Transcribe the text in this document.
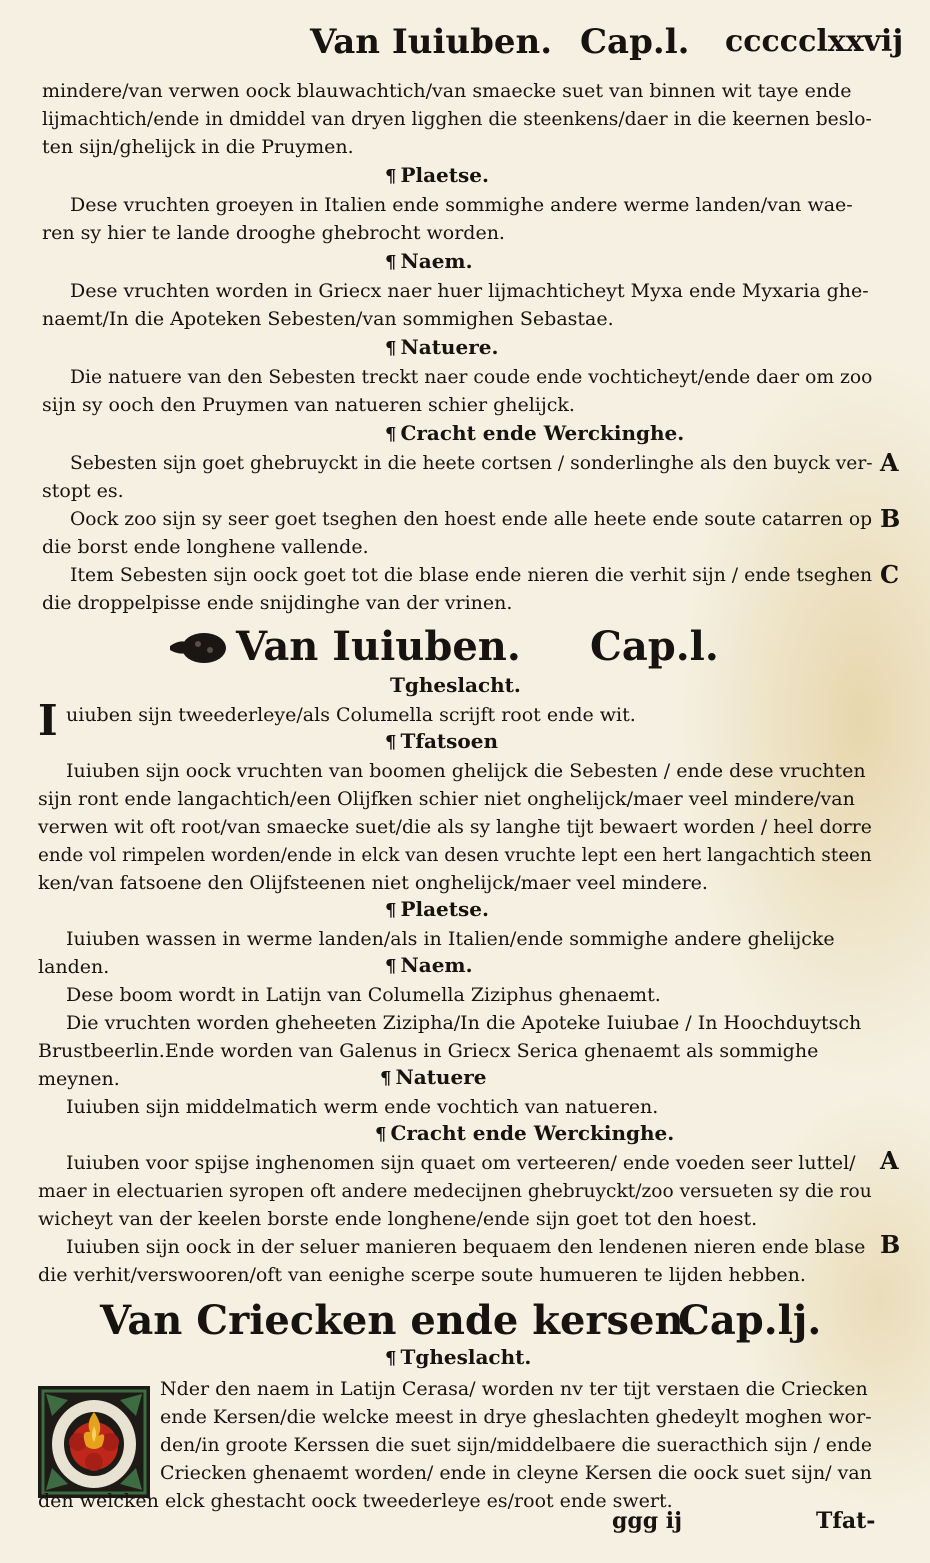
Van Iuiuben. Cap.l. ccccclxxvij
mindere/van verwen oock blauwachtich/van smaecke suet van binnen wit taye ende
lijmachtich/ende in dmiddel van dryen ligghen die steenkens/daer in die keernen beslo-
ten sijn/ghelijck in die Pruymen.
¶ Plaetse.
Dese vruchten groeyen in Italien ende sommighe andere werme landen/van wae-
ren sy hier te lande drooghe ghebrocht worden.
¶ Naem.
Dese vruchten worden in Griecx naer huer lijmachticheyt Myxa ende Myxaria ghe-
naemt/In die Apoteken Sebesten/van sommighen Sebastae.
¶ Natuere.
Die natuere van den Sebesten treckt naer coude ende vochticheyt/ende daer om zoo
sijn sy ooch den Pruymen van natueren schier ghelijck.
¶ Cracht ende Werckinghe.
Sebesten sijn goet ghebruyckt in die heete cortsen / sonderlinghe als den buyck ver-
stopt es.
Oock zoo sijn sy seer goet tseghen den hoest ende alle heete ende soute catarren op
die borst ende longhene vallende.
Item Sebesten sijn oock goet tot die blase ende nieren die verhit sijn / ende tseghen
die droppelpisse ende snijdinghe van der vrinen.
A
B
C
Van Iuiuben. Cap.l.
Tgheslacht.
I uiuben sijn tweederleye/als Columella scrijft root ende wit.
¶ Tfatsoen
Iuiuben sijn oock vruchten van boomen ghelijck die Sebesten / ende dese vruchten
sijn ront ende langachtich/een Olijfken schier niet onghelijck/maer veel mindere/van
verwen wit oft root/van smaecke suet/die als sy langhe tijt bewaert worden / heel dorre
ende vol rimpelen worden/ende in elck van desen vruchte lept een hert langachtich steen
ken/van fatsoene den Olijfsteenen niet onghelijck/maer veel mindere.
¶ Plaetse.
Iuiuben wassen in werme landen/als in Italien/ende sommighe andere ghelijcke
landen.	¶ Naem.
Dese boom wordt in Latijn van Columella Ziziphus ghenaemt.
Die vruchten worden gheheeten Zizipha/In die Apoteke Iuiubae / In Hoochduytsch
Brustbeerlin.Ende worden van Galenus in Griecx Serica ghenaemt als sommighe
meynen.	¶ Natuere
Iuiuben sijn middelmatich werm ende vochtich van natueren.
¶ Cracht ende Werckinghe.
Iuiuben voor spijse inghenomen sijn quaet om verteeren/ ende voeden seer luttel/
maer in electuarien syropen oft andere medecijnen ghebruyckt/zoo versueten sy die rou
wicheyt van der keelen borste ende longhene/ende sijn goet tot den hoest.
Iuiuben sijn oock in der seluer manieren bequaem den lendenen nieren ende blase
die verhit/verswooren/oft van eenighe scerpe soute humueren te lijden hebben.
A
B
Van Criecken ende kersen.
Cap.lj.
¶ Tgheslacht.
Nder den naem in Latijn Cerasa/ worden nv ter tijt verstaen die Criecken
ende Kersen/die welcke meest in drye gheslachten ghedeylt moghen wor-
den/in groote Kerssen die suet sijn/middelbaere die sueracthich sijn / ende
Criecken ghenaemt worden/ ende in cleyne Kersen die oock suet sijn/ van
den welcken elck ghestacht oock tweederleye es/root ende swert.
ggg ij	Tfat-
